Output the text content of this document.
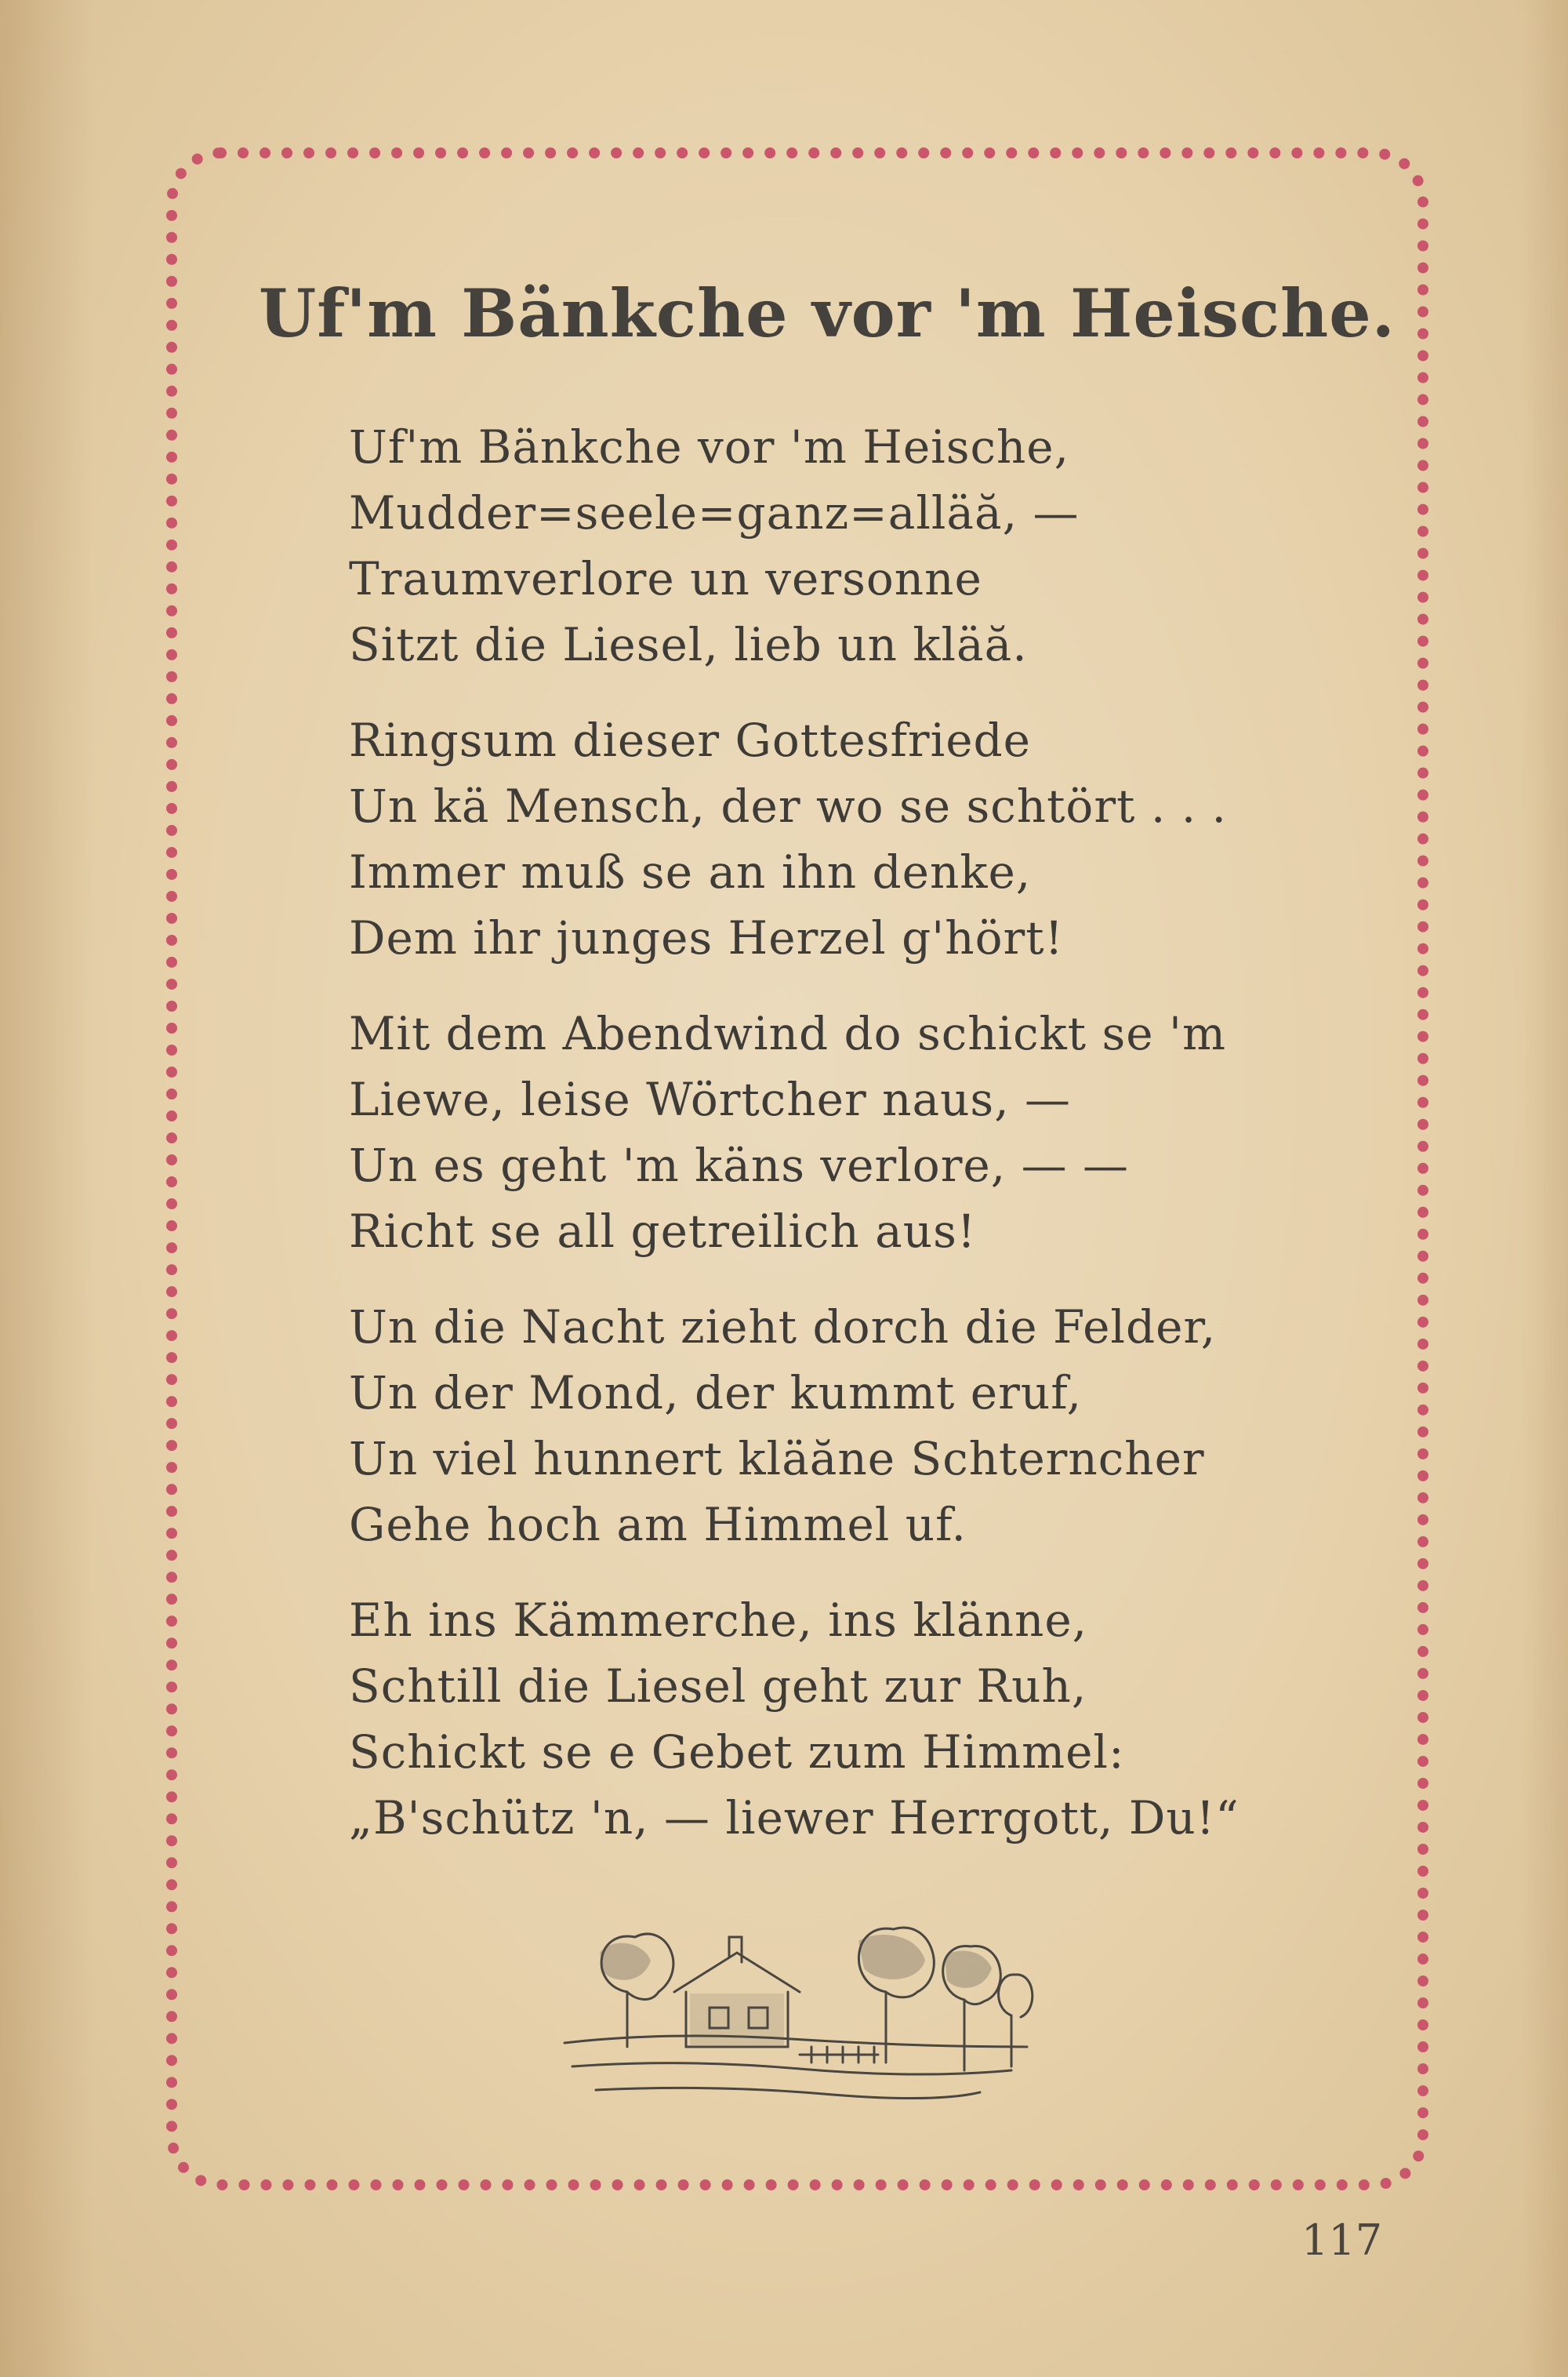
Uf'm Bänkche vor 'm Heische.
Uf'm Bänkche vor 'm Heische,
Mudder=seele=ganz=alläă, —
Traumverlore un versonne
Sitzt die Liesel, lieb un kläă.
Ringsum dieser Gottesfriede
Un kä Mensch, der wo se schtört . . .
Immer muß se an ihn denke,
Dem ihr junges Herzel g'hört!
Mit dem Abendwind do schickt se 'm
Liewe, leise Wörtcher naus, —
Un es geht 'm käns verlore, — —
Richt se all getreilich aus!
Un die Nacht zieht dorch die Felder,
Un der Mond, der kummt eruf,
Un viel hunnert kläăne Schterncher
Gehe hoch am Himmel uf.
Eh ins Kämmerche, ins klänne,
Schtill die Liesel geht zur Ruh,
Schickt se e Gebet zum Himmel:
„B'schütz 'n, — liewer Herrgott, Du!“
117
